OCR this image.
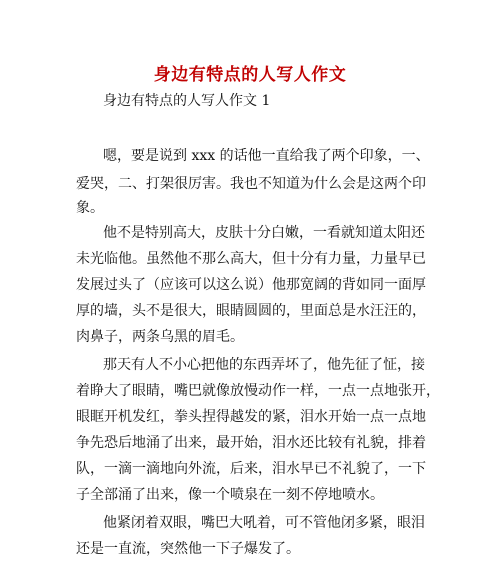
身边有特点的人写人作文
身边有特点的人写人作文 1
嗯，要是说到 xxx 的话他一直给我了两个印象，一、
爱哭，二、打架很厉害。我也不知道为什么会是这两个印
象。
他不是特别高大，皮肤十分白嫩，一看就知道太阳还
未光临他。虽然他不那么高大，但十分有力量，力量早已
发展过头了（应该可以这么说）他那宽阔的背如同一面厚
厚的墙，头不是很大，眼睛圆圆的，里面总是水汪汪的，
肉鼻子，两条乌黑的眉毛。
那天有人不小心把他的东西弄坏了，他先征了怔，接
着睁大了眼睛，嘴巴就像放慢动作一样，一点一点地张开，
眼眶开机发红，拳头捏得越发的紧，泪水开始一点一点地
争先恐后地涌了出来，最开始，泪水还比较有礼貌，排着
队，一滴一滴地向外流，后来，泪水早已不礼貌了，一下
子全部涌了出来，像一个喷泉在一刻不停地喷水。
他紧闭着双眼，嘴巴大吼着，可不管他闭多紧，眼泪
还是一直流，突然他一下子爆发了。
